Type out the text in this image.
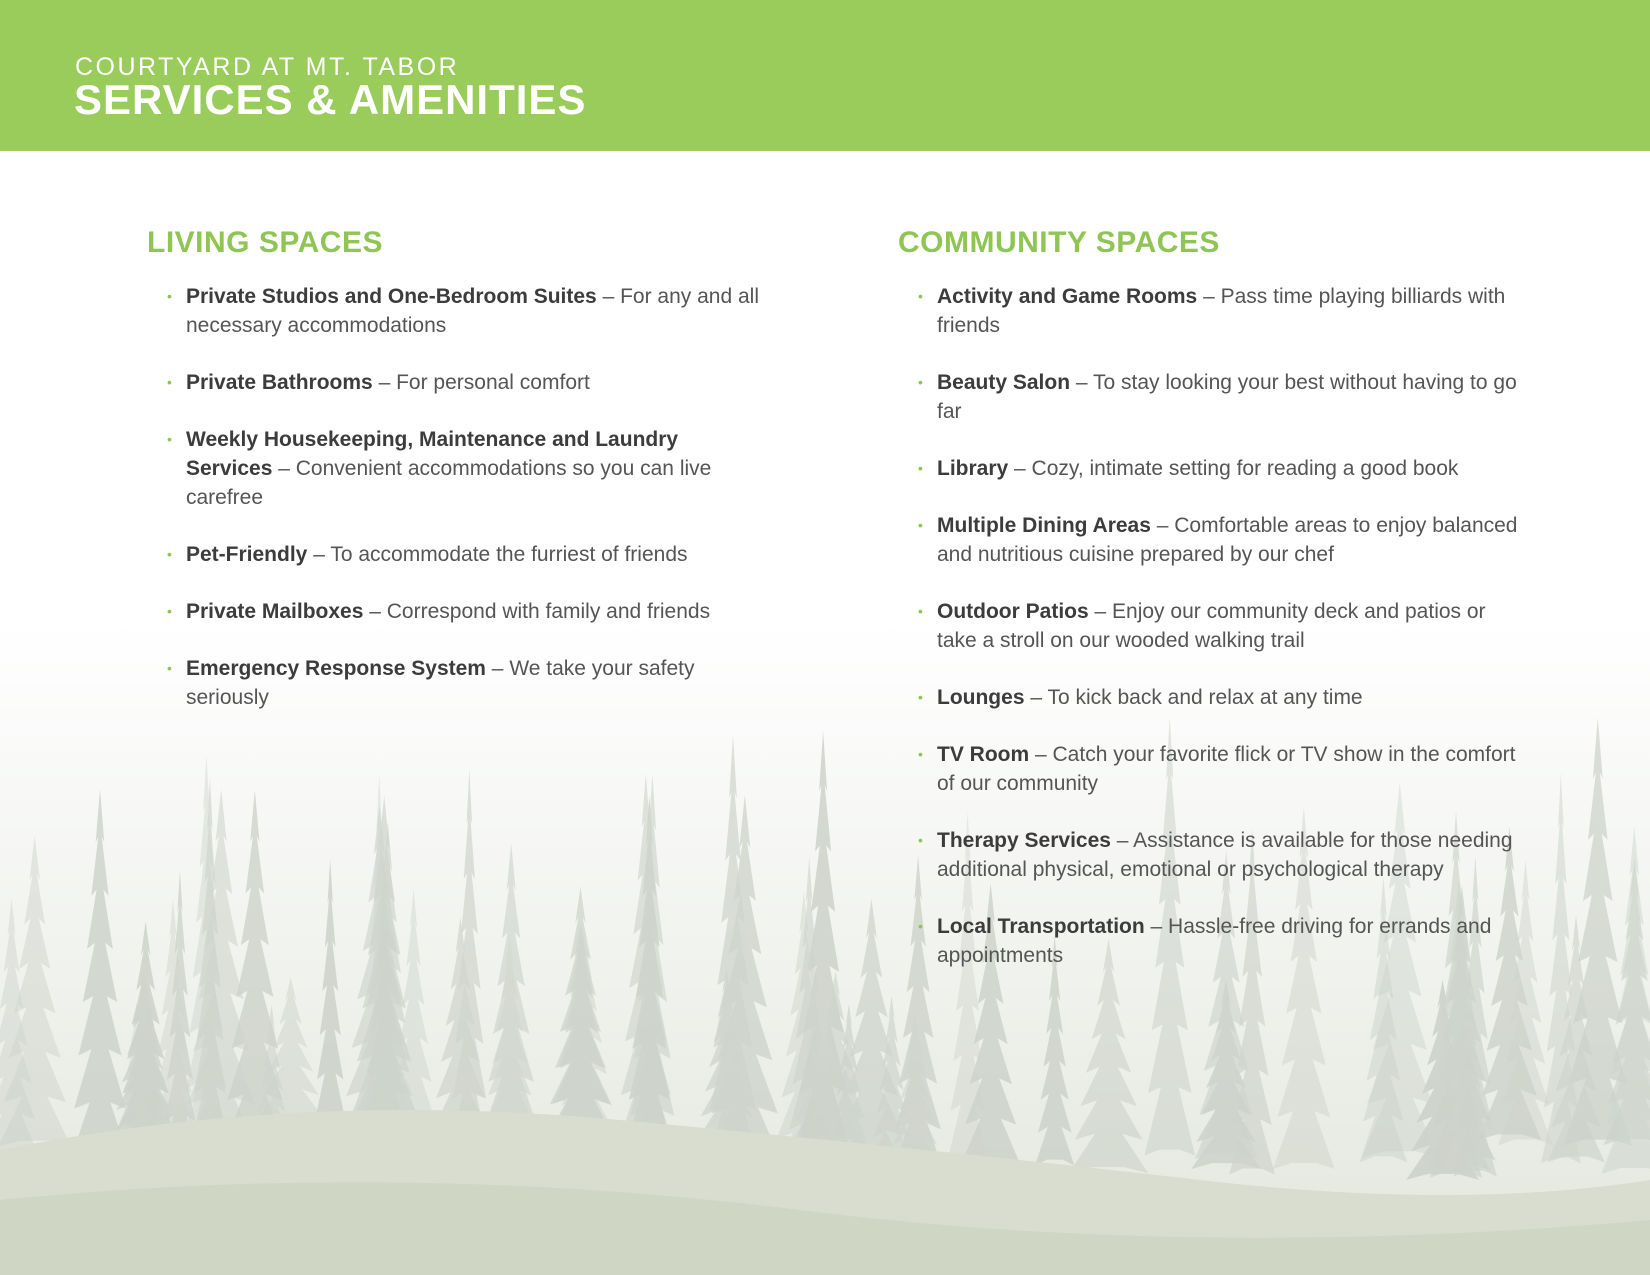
COURTYARD AT MT. TABOR
SERVICES & AMENITIES
LIVING SPACES
• Private Studios and One-Bedroom Suites – For any and all necessary accommodations
• Private Bathrooms – For personal comfort
• Weekly Housekeeping, Maintenance and Laundry Services – Convenient accommodations so you can live carefree
• Pet-Friendly – To accommodate the furriest of friends
• Private Mailboxes – Correspond with family and friends
• Emergency Response System – We take your safety seriously
COMMUNITY SPACES
• Activity and Game Rooms – Pass time playing billiards with friends
• Beauty Salon – To stay looking your best without having to go far
• Library – Cozy, intimate setting for reading a good book
• Multiple Dining Areas – Comfortable areas to enjoy balanced and nutritious cuisine prepared by our chef
• Outdoor Patios – Enjoy our community deck and patios or take a stroll on our wooded walking trail
• Lounges – To kick back and relax at any time
• TV Room – Catch your favorite flick or TV show in the comfort of our community
• Therapy Services – Assistance is available for those needing additional physical, emotional or psychological therapy
• Local Transportation – Hassle-free driving for errands and appointments
